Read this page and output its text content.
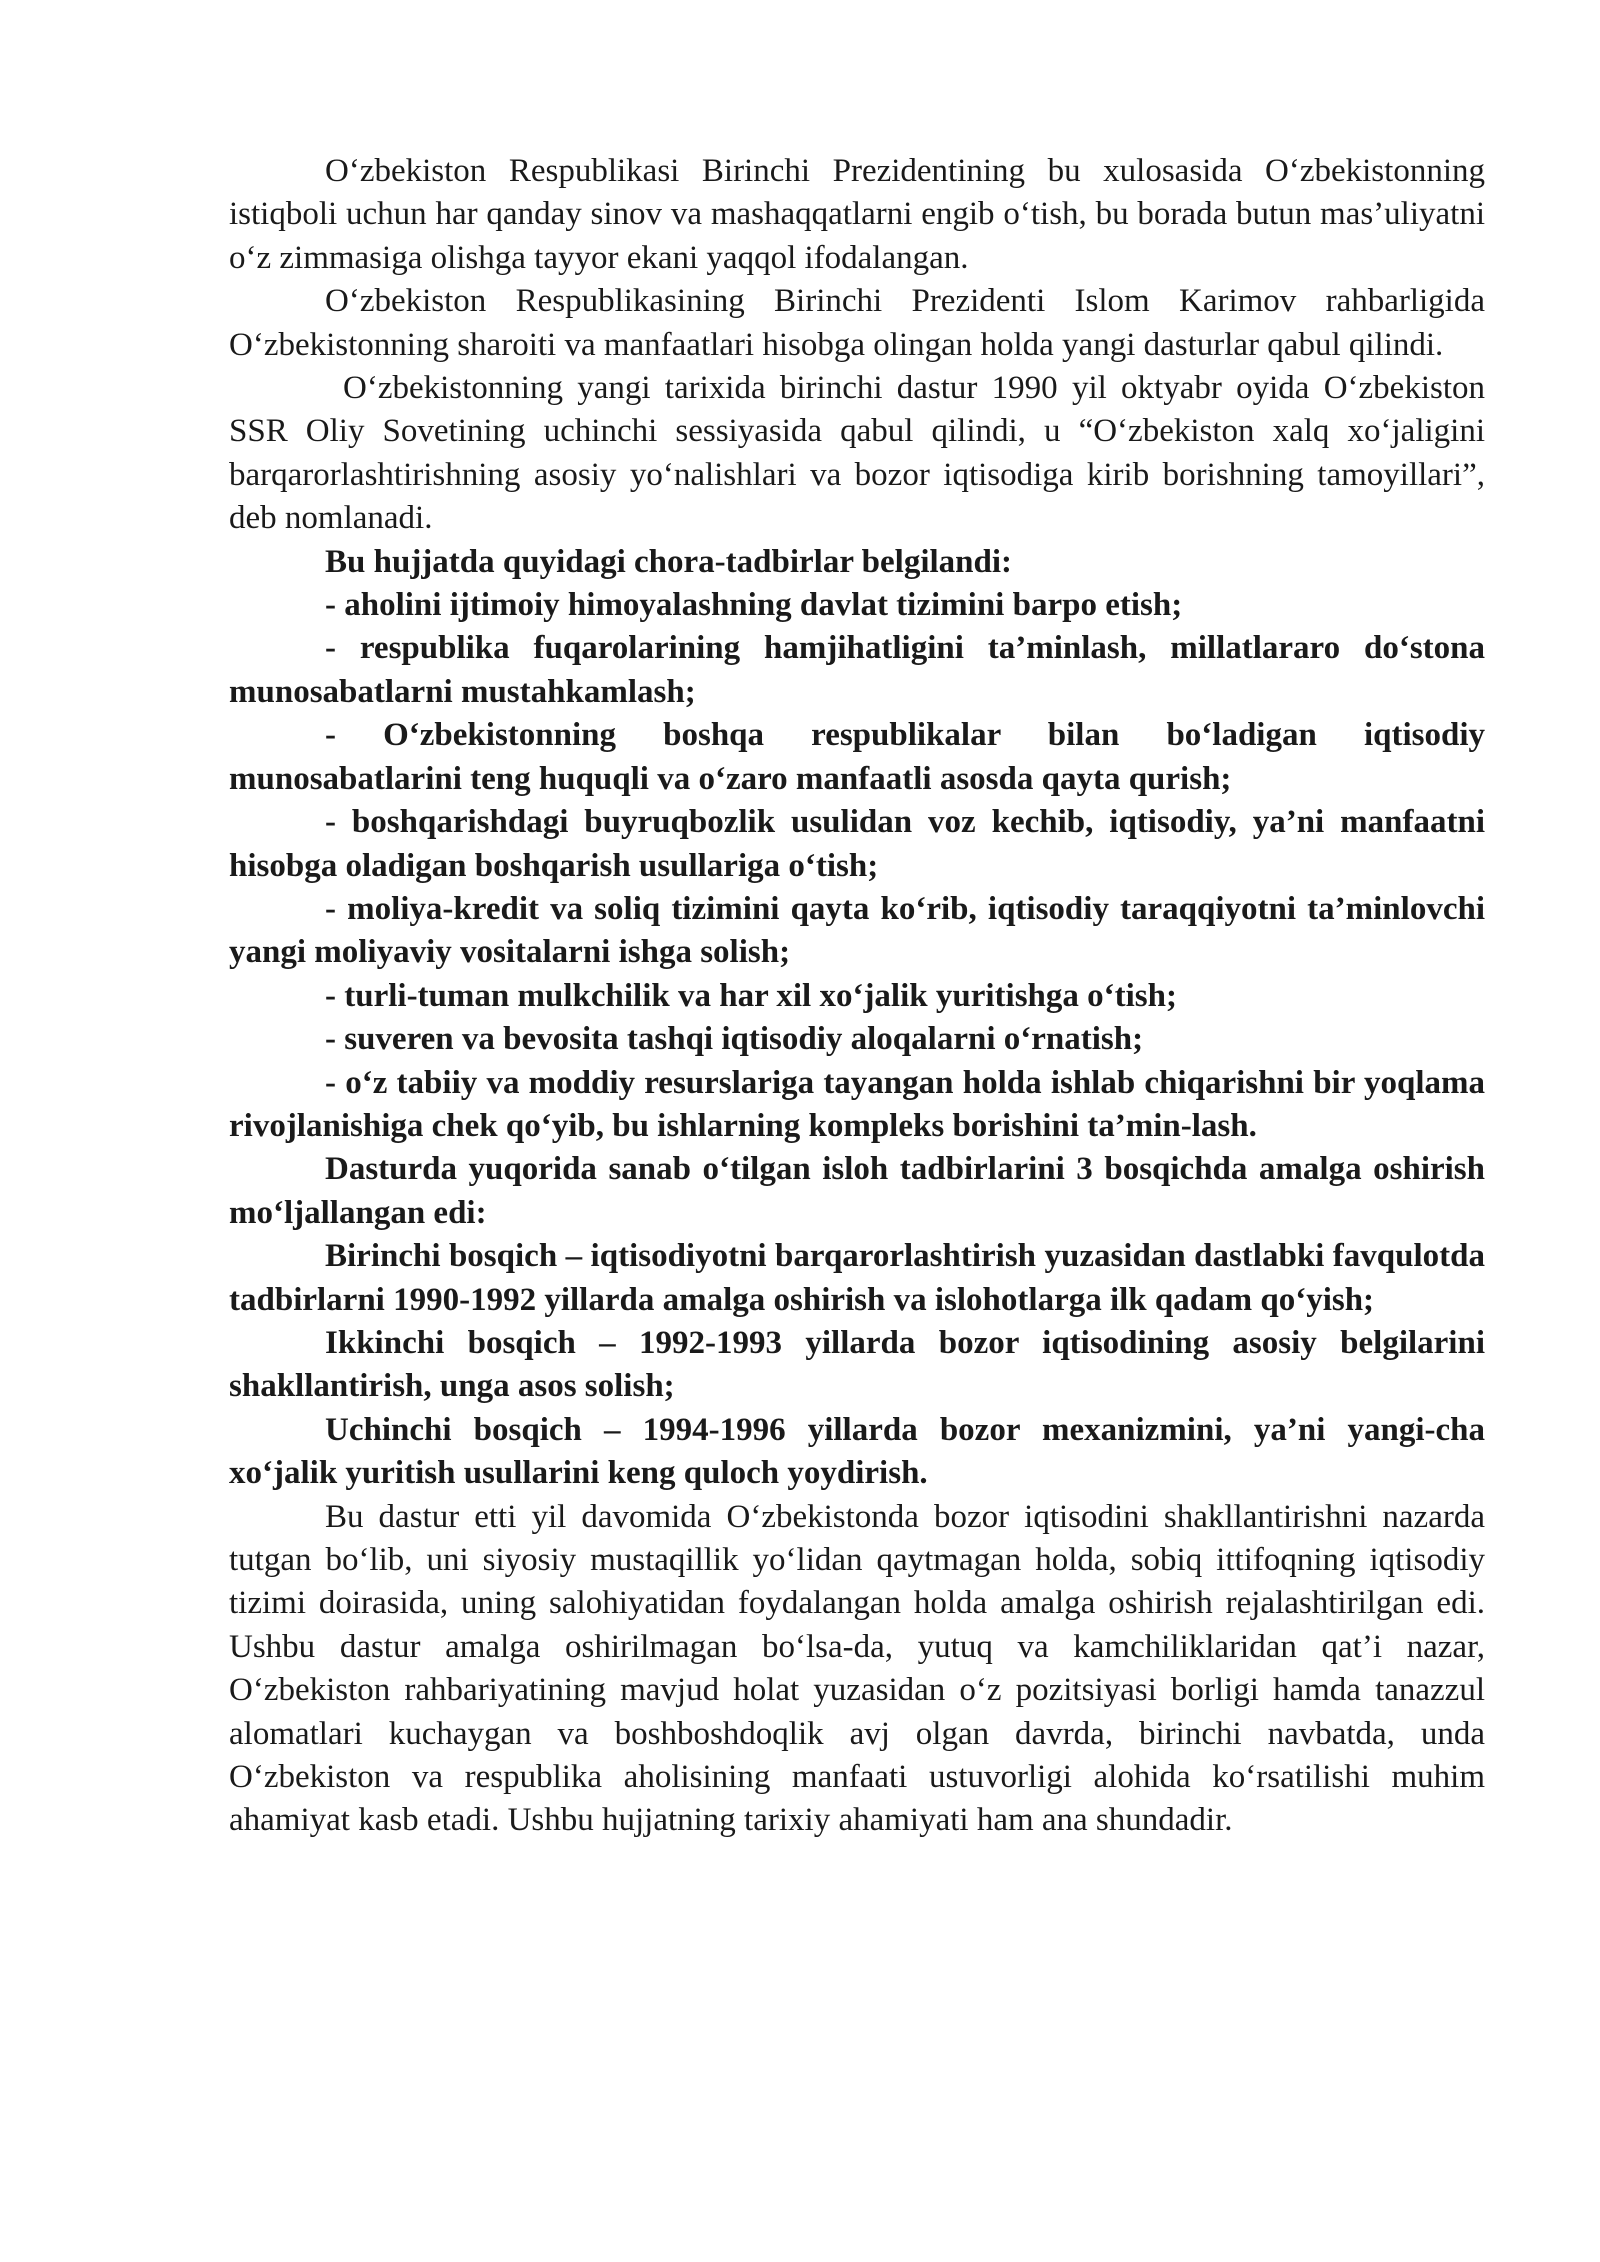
O‘zbekiston Respublikasi Birinchi Prezidentining bu xulosasida O‘zbekistonning istiqboli uchun har qanday sinov va mashaqqatlarni engib o‘tish, bu borada butun mas’uliyatni o‘z zimmasiga olishga tayyor ekani yaqqol ifodalangan.

O‘zbekiston Respublikasining Birinchi Prezidenti Islom Karimov rahbarligida O‘zbekistonning sharoiti va manfaatlari hisobga olingan holda yangi dasturlar qabul qilindi.

O‘zbekistonning yangi tarixida birinchi dastur 1990 yil oktyabr oyida O‘zbekiston SSR Oliy Sovetining uchinchi sessiyasida qabul qilindi, u “O‘zbekiston xalq xo‘jaligini barqarorlashtirishning asosiy yo‘nalishlari va bozor iqtisodiga kirib borishning tamoyillari”, deb nomlanadi.

Bu hujjatda quyidagi chora-tadbirlar belgilandi:

- aholini ijtimoiy himoyalashning davlat tizimini barpo etish;

- respublika fuqarolarining hamjihatligini ta’minlash, millatlararo do‘stona munosabatlarni mustahkamlash;

- O‘zbekistonning boshqa respublikalar bilan bo‘ladigan iqtisodiy munosabatlarini teng huquqli va o‘zaro manfaatli asosda qayta qurish;

- boshqarishdagi buyruqbozlik usulidan voz kechib, iqtisodiy, ya’ni manfaatni hisobga oladigan boshqarish usullariga o‘tish;

- moliya-kredit va soliq tizimini qayta ko‘rib, iqtisodiy taraqqiyotni ta’minlovchi yangi moliyaviy vositalarni ishga solish;

- turli-tuman mulkchilik va har xil xo‘jalik yuritishga o‘tish;

- suveren va bevosita tashqi iqtisodiy aloqalarni o‘rnatish;

- o‘z tabiiy va moddiy resurslariga tayangan holda ishlab chiqarishni bir yoqlama rivojlanishiga chek qo‘yib, bu ishlarning kompleks borishini ta’min-lash.

Dasturda yuqorida sanab o‘tilgan isloh tadbirlarini 3 bosqichda amalga oshirish mo‘ljallangan edi:

Birinchi bosqich – iqtisodiyotni barqarorlashtirish yuzasidan dastlabki favqulotda tadbirlarni 1990-1992 yillarda amalga oshirish va islohotlarga ilk qadam qo‘yish;

Ikkinchi bosqich – 1992-1993 yillarda bozor iqtisodining asosiy belgilarini shakllantirish, unga asos solish;

Uchinchi bosqich – 1994-1996 yillarda bozor mexanizmini, ya’ni yangi-cha xo‘jalik yuritish usullarini keng quloch yoydirish.

Bu dastur etti yil davomida O‘zbekistonda bozor iqtisodini shakllantirishni nazarda tutgan bo‘lib, uni siyosiy mustaqillik yo‘lidan qaytmagan holda, sobiq ittifoqning iqtisodiy tizimi doirasida, uning salohiyatidan foydalangan holda amalga oshirish rejalashtirilgan edi. Ushbu dastur amalga oshirilmagan bo‘lsa-da, yutuq va kamchiliklaridan qat’i nazar, O‘zbekiston rahbariyatining mavjud holat yuzasidan o‘z pozitsiyasi borligi hamda tanazzul alomatlari kuchaygan va boshboshdoqlik avj olgan davrda, birinchi navbatda, unda O‘zbekiston va respublika aholisining manfaati ustuvorligi alohida ko‘rsatilishi muhim ahamiyat kasb etadi. Ushbu hujjatning tarixiy ahamiyati ham ana shundadir.
